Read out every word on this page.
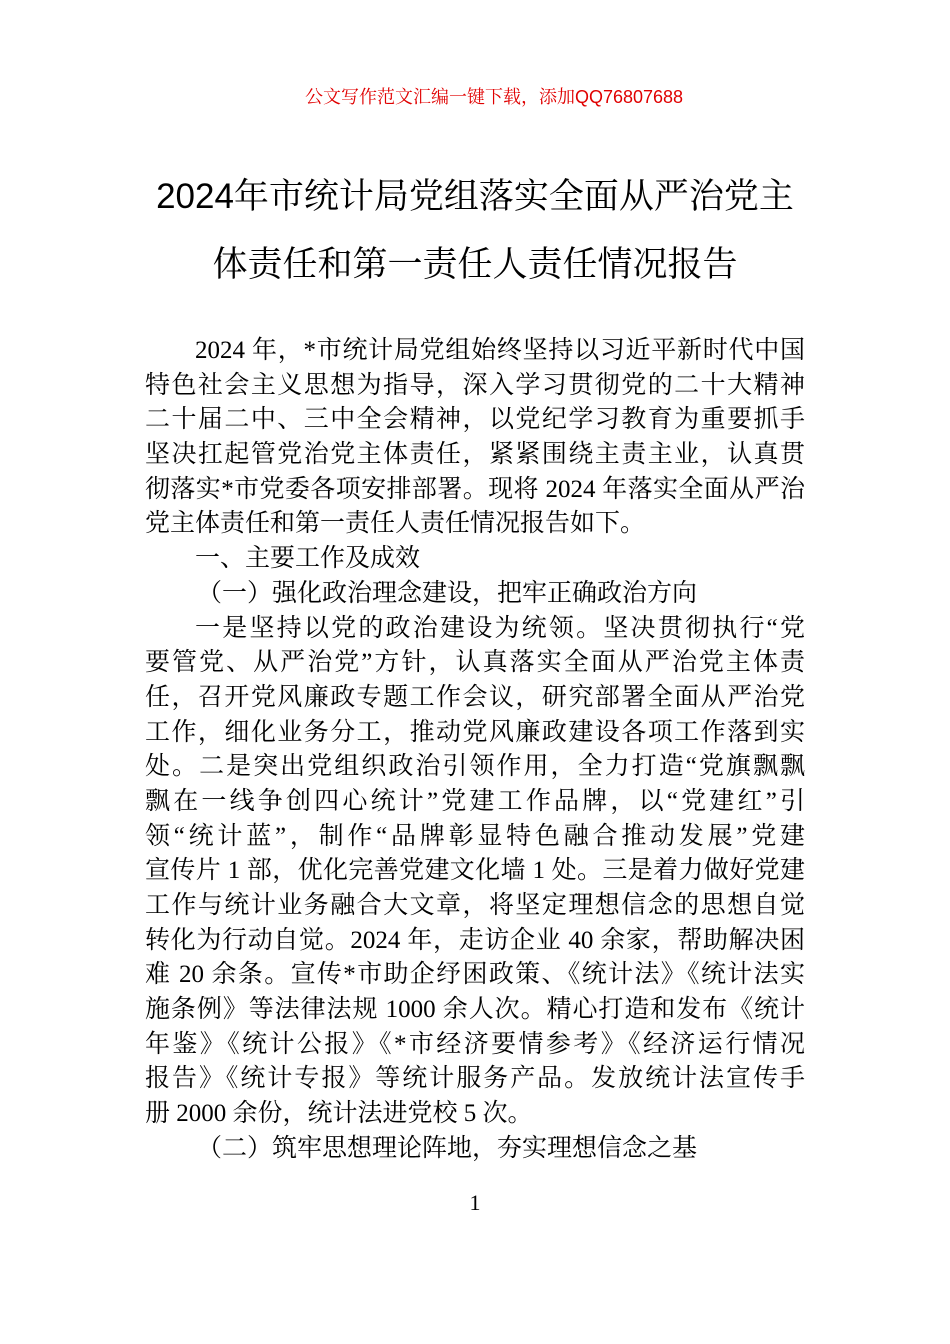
公文写作范文汇编一键下载，添加QQ76807688
2024年市统计局党组落实全面从严治党主
体责任和第一责任人责任情况报告
2024 年，*市统计局党组始终坚持以习近平新时代中国
特色社会主义思想为指导，深入学习贯彻党的二十大精神
二十届二中、三中全会精神，以党纪学习教育为重要抓手
坚决扛起管党治党主体责任，紧紧围绕主责主业，认真贯
彻落实*市党委各项安排部署。现将 2024 年落实全面从严治
党主体责任和第一责任人责任情况报告如下。
一、主要工作及成效
（一）强化政治理念建设，把牢正确政治方向
一是坚持以党的政治建设为统领。坚决贯彻执行“党
要管党、从严治党”方针，认真落实全面从严治党主体责
任，召开党风廉政专题工作会议，研究部署全面从严治党
工作，细化业务分工，推动党风廉政建设各项工作落到实
处。二是突出党组织政治引领作用，全力打造“党旗飘飘
飘在一线争创四心统计”党建工作品牌，以“党建红”引
领“统计蓝”，制作“品牌彰显特色融合推动发展”党建
宣传片 1 部，优化完善党建文化墙 1 处。三是着力做好党建
工作与统计业务融合大文章，将坚定理想信念的思想自觉
转化为行动自觉。2024 年，走访企业 40 余家，帮助解决困
难 20 余条。宣传*市助企纾困政策、《统计法》《统计法实
施条例》等法律法规 1000 余人次。精心打造和发布《统计
年鉴》《统计公报》《*市经济要情参考》《经济运行情况
报告》《统计专报》等统计服务产品。发放统计法宣传手
册 2000 余份，统计法进党校 5 次。
（二）筑牢思想理论阵地，夯实理想信念之基
1
